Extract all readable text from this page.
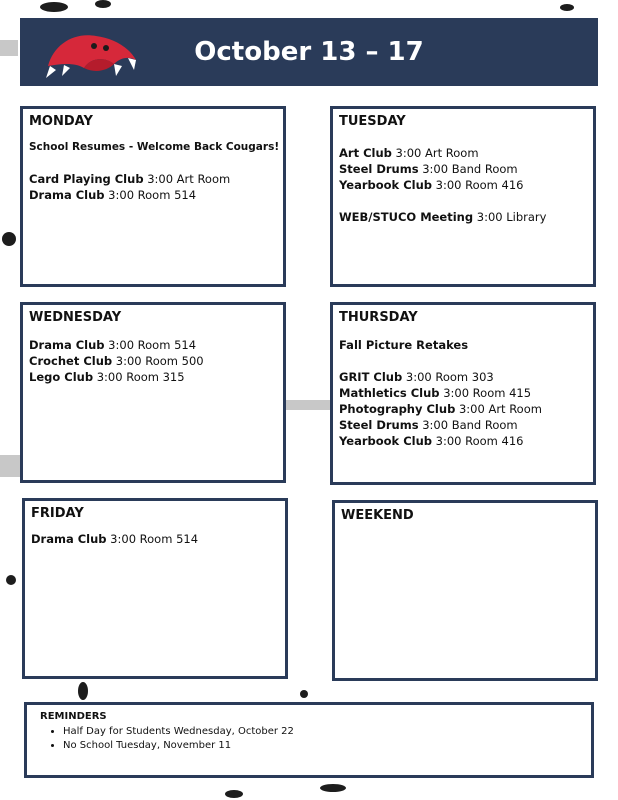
October 13 – 17
MONDAY
School Resumes - Welcome Back Cougars!
Card Playing Club 3:00 Art Room
Drama Club 3:00 Room 514
TUESDAY
Art Club 3:00 Art Room
Steel Drums 3:00 Band Room
Yearbook Club 3:00 Room 416
WEB/STUCO Meeting 3:00 Library
WEDNESDAY
Drama Club 3:00 Room 514
Crochet Club 3:00 Room 500
Lego Club 3:00 Room 315
THURSDAY
Fall Picture Retakes
GRIT Club 3:00 Room 303
Mathletics Club 3:00 Room 415
Photography Club 3:00 Art Room
Steel Drums 3:00 Band Room
Yearbook Club 3:00 Room 416
FRIDAY
Drama Club 3:00 Room 514
WEEKEND
REMINDERS
• Half Day for Students Wednesday, October 22
• No School Tuesday, November 11
